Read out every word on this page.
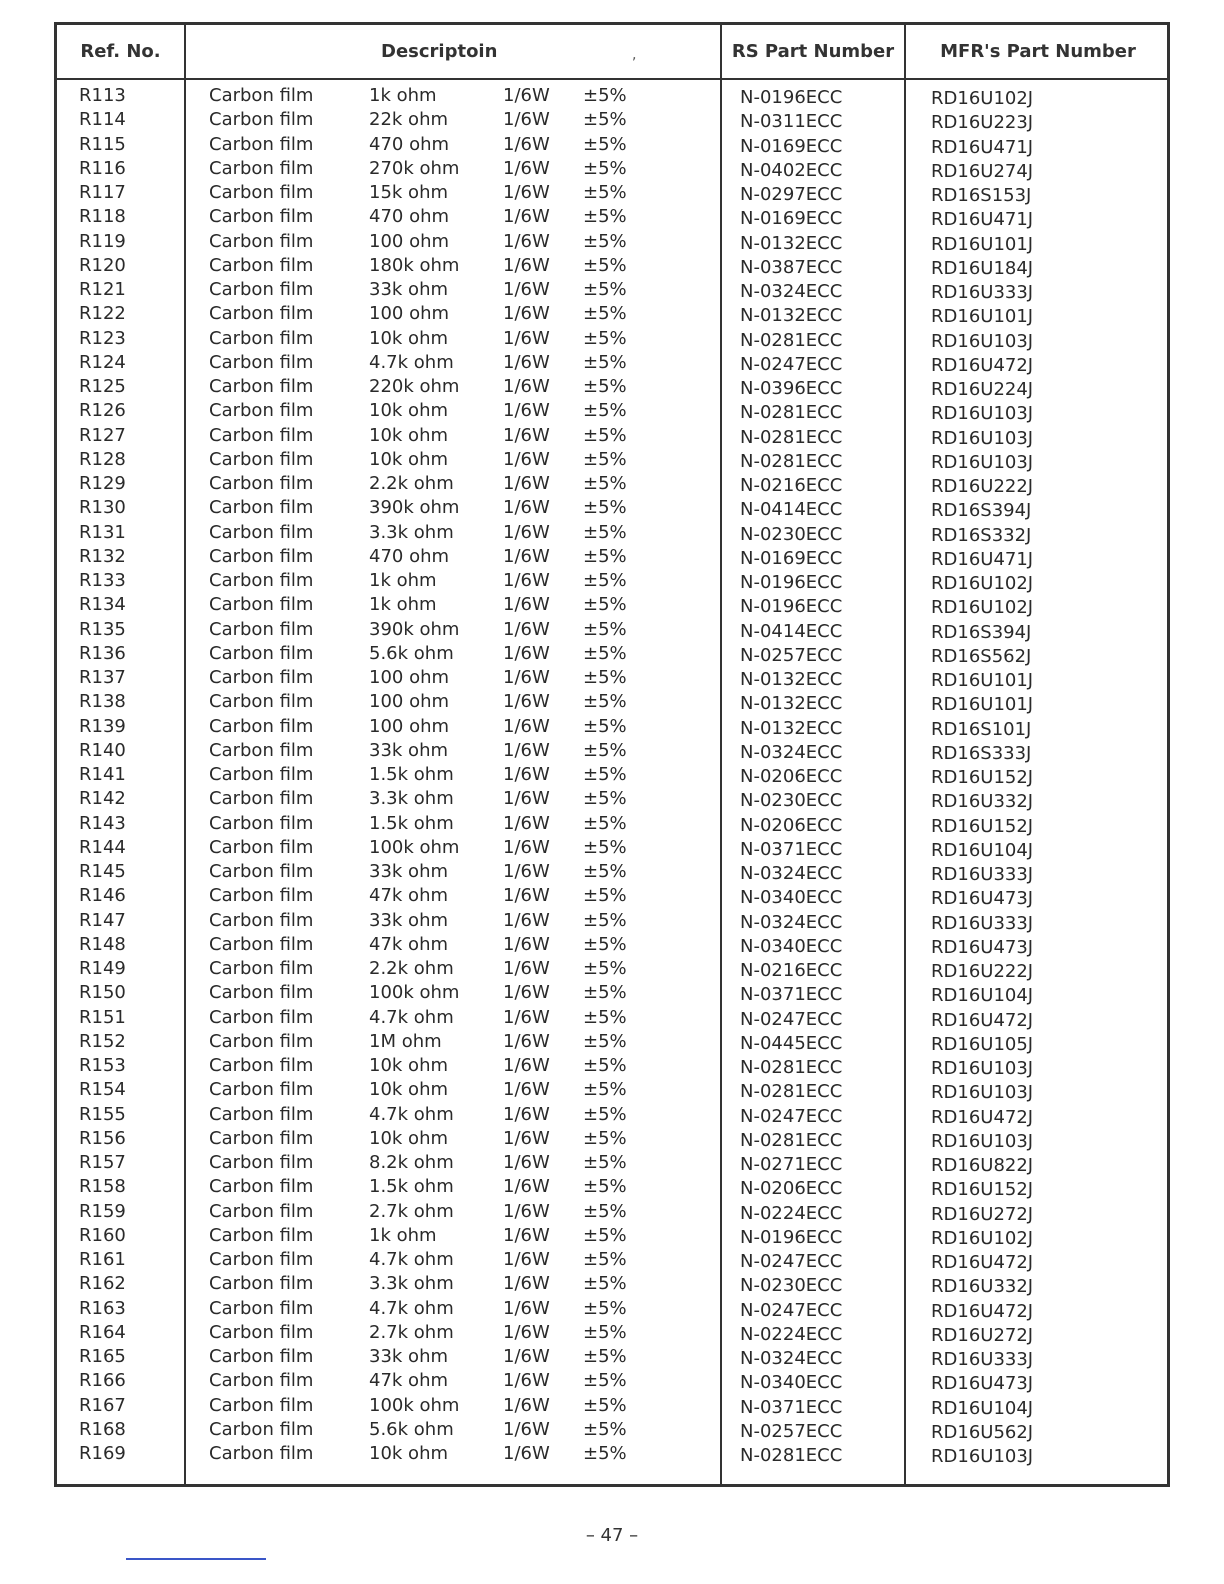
Ref. No.	Descriptoin	,	RS Part Number	MFR's Part Number
R113	Carbon film	1k ohm	1/6W ±5%	N-0196ECC	RD16U102J
R114	Carbon film	22k ohm	1/6W ±5%	N-0311ECC	RD16U223J
R115	Carbon film	470 ohm	1/6W ±5%	N-0169ECC	RD16U471J
R116	Carbon film	270k ohm 1/6W ±5%	N-0402ECC	RD16U274J
R117	Carbon film	15k ohm	1/6W ±5%	N-0297ECC	RD16S153J
R118	Carbon film	470 ohm	1/6W ±5%	N-0169ECC	RD16U471J
R119	Carbon film	100 ohm	1/6W ±5%	N-0132ECC	RD16U101J
R120	Carbon film	180k ohm 1/6W ±5%	N-0387ECC	RD16U184J
R121	Carbon film	33k ohm	1/6W ±5%	N-0324ECC	RD16U333J
R122	Carbon film	100 ohm	1/6W ±5%	N-0132ECC	RD16U101J
R123	Carbon film	10k ohm	1/6W ±5%	N-0281ECC	RD16U103J
R124	Carbon film	4.7k ohm	1/6W ±5%	N-0247ECC	RD16U472J
R125	Carbon film	220k ohm 1/6W ±5%	N-0396ECC	RD16U224J
R126	Carbon film	10k ohm	1/6W ±5%	N-0281ECC	RD16U103J
R127	Carbon film	10k ohm	1/6W ±5%	N-0281ECC	RD16U103J
R128	Carbon film	10k ohm	1/6W ±5%	N-0281ECC	RD16U103J
R129	Carbon film	2.2k ohm	1/6W ±5%	N-0216ECC	RD16U222J
R130	Carbon film	390k ohm 1/6W ±5%	N-0414ECC	RD16S394J
R131	Carbon film	3.3k ohm	1/6W ±5%	N-0230ECC	RD16S332J
R132	Carbon film	470 ohm	1/6W ±5%	N-0169ECC	RD16U471J
R133	Carbon film	1k ohm	1/6W ±5%	N-0196ECC	RD16U102J
R134	Carbon film	1k ohm	1/6W ±5%	N-0196ECC	RD16U102J
R135	Carbon film	390k ohm 1/6W ±5%	N-0414ECC	RD16S394J
R136	Carbon film	5.6k ohm	1/6W ±5%	N-0257ECC	RD16S562J
R137	Carbon film	100 ohm	1/6W ±5%	N-0132ECC	RD16U101J
R138	Carbon film	100 ohm	1/6W ±5%	N-0132ECC	RD16U101J
R139	Carbon film	100 ohm	1/6W ±5%	N-0132ECC	RD16S101J
R140	Carbon film	33k ohm	1/6W ±5%	N-0324ECC	RD16S333J
R141	Carbon film	1.5k ohm	1/6W ±5%	N-0206ECC	RD16U152J
R142	Carbon film	3.3k ohm	1/6W ±5%	N-0230ECC	RD16U332J
R143	Carbon film	1.5k ohm	1/6W ±5%	N-0206ECC	RD16U152J
R144	Carbon film	100k ohm 1/6W ±5%	N-0371ECC	RD16U104J
R145	Carbon film	33k ohm	1/6W ±5%	N-0324ECC	RD16U333J
R146	Carbon film	47k ohm	1/6W ±5%	N-0340ECC	RD16U473J
R147	Carbon film	33k ohm	1/6W ±5%	N-0324ECC	RD16U333J
R148	Carbon film	47k ohm	1/6W ±5%	N-0340ECC	RD16U473J
R149	Carbon film	2.2k ohm	1/6W ±5%	N-0216ECC	RD16U222J
R150	Carbon film	100k ohm 1/6W ±5%	N-0371ECC	RD16U104J
R151	Carbon film	4.7k ohm	1/6W ±5%	N-0247ECC	RD16U472J
R152	Carbon film	1M ohm	1/6W ±5%	N-0445ECC	RD16U105J
R153	Carbon film	10k ohm	1/6W ±5%	N-0281ECC	RD16U103J
R154	Carbon film	10k ohm	1/6W ±5%	N-0281ECC	RD16U103J
R155	Carbon film	4.7k ohm	1/6W ±5%	N-0247ECC	RD16U472J
R156	Carbon film	10k ohm	1/6W ±5%	N-0281ECC	RD16U103J
R157	Carbon film	8.2k ohm	1/6W ±5%	N-0271ECC	RD16U822J
R158	Carbon film	1.5k ohm	1/6W ±5%	N-0206ECC	RD16U152J
R159	Carbon film	2.7k ohm	1/6W ±5%	N-0224ECC	RD16U272J
R160	Carbon film	1k ohm	1/6W ±5%	N-0196ECC	RD16U102J
R161	Carbon film	4.7k ohm	1/6W ±5%	N-0247ECC	RD16U472J
R162	Carbon film	3.3k ohm	1/6W ±5%	N-0230ECC	RD16U332J
R163	Carbon film	4.7k ohm	1/6W ±5%	N-0247ECC	RD16U472J
R164	Carbon film	2.7k ohm	1/6W ±5%	N-0224ECC	RD16U272J
R165	Carbon film	33k ohm	1/6W ±5%	N-0324ECC	RD16U333J
R166	Carbon film	47k ohm	1/6W ±5%	N-0340ECC	RD16U473J
R167	Carbon film	100k ohm 1/6W ±5%	N-0371ECC	RD16U104J
R168	Carbon film	5.6k ohm	1/6W ±5%	N-0257ECC	RD16U562J
R169	Carbon film	10k ohm	1/6W ±5%	N-0281ECC	RD16U103J
– 47 –
